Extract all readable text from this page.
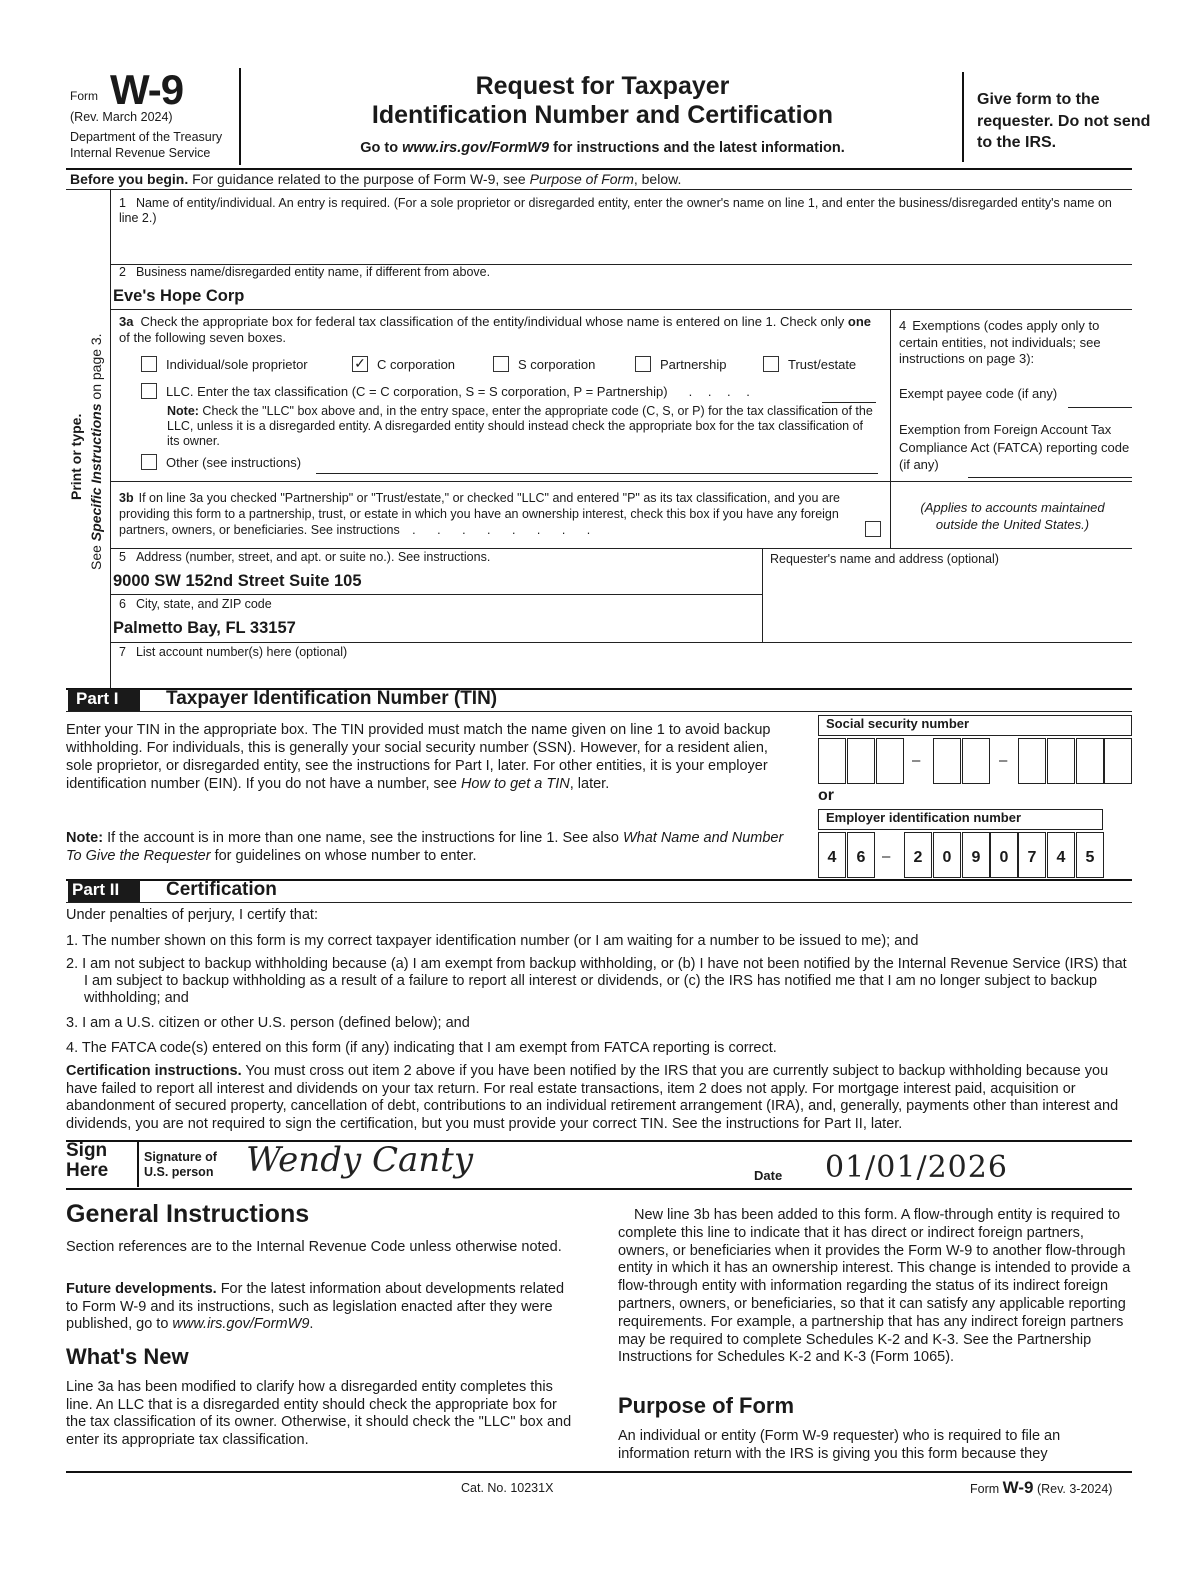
Form W-9
(Rev. March 2024)
Department of the Treasury
Internal Revenue Service
Request for Taxpayer
Identification Number and Certification
Go to www.irs.gov/FormW9 for instructions and the latest information.
Give form to the requester. Do not send to the IRS.
Before you begin. For guidance related to the purpose of Form W-9, see Purpose of Form, below.
Print or type.
See Specific Instructions on page 3.
1 Name of entity/individual. An entry is required. (For a sole proprietor or disregarded entity, enter the owner's name on line 1, and enter the business/disregarded entity's name on line 2.)
2 Business name/disregarded entity name, if different from above.
Eve's Hope Corp
3a Check the appropriate box for federal tax classification of the entity/individual whose name is entered on line 1. Check only one of the following seven boxes.
Individual/sole proprietor	✓ C corporation	S corporation	Partnership	Trust/estate
LLC. Enter the tax classification (C = C corporation, S = S corporation, P = Partnership) . . . .
Note: Check the "LLC" box above and, in the entry space, enter the appropriate code (C, S, or P) for the tax classification of the LLC, unless it is a disregarded entity. A disregarded entity should instead check the appropriate box for the tax classification of its owner.
Other (see instructions)
4 Exemptions (codes apply only to certain entities, not individuals; see instructions on page 3):
Exempt payee code (if any)
Exemption from Foreign Account Tax Compliance Act (FATCA) reporting code (if any)
(Applies to accounts maintained outside the United States.)
3b If on line 3a you checked "Partnership" or "Trust/estate," or checked "LLC" and entered "P" as its tax classification, and you are providing this form to a partnership, trust, or estate in which you have an ownership interest, check this box if you have any foreign partners, owners, or beneficiaries. See instructions . . . . . . . .
5 Address (number, street, and apt. or suite no.). See instructions.
9000 SW 152nd Street Suite 105
Requester's name and address (optional)
6 City, state, and ZIP code
Palmetto Bay, FL 33157
7 List account number(s) here (optional)
Part I Taxpayer Identification Number (TIN)
Enter your TIN in the appropriate box. The TIN provided must match the name given on line 1 to avoid backup withholding. For individuals, this is generally your social security number (SSN). However, for a resident alien, sole proprietor, or disregarded entity, see the instructions for Part I, later. For other entities, it is your employer identification number (EIN). If you do not have a number, see How to get a TIN, later.
Note: If the account is in more than one name, see the instructions for line 1. See also What Name and Number To Give the Requester for guidelines on whose number to enter.
Social security number
–	–
or
Employer identification number
4	6	–	2	0	9	0	7	4	5
Part II Certification
Under penalties of perjury, I certify that:
1. The number shown on this form is my correct taxpayer identification number (or I am waiting for a number to be issued to me); and
2. I am not subject to backup withholding because (a) I am exempt from backup withholding, or (b) I have not been notified by the Internal Revenue Service (IRS) that I am subject to backup withholding as a result of a failure to report all interest or dividends, or (c) the IRS has notified me that I am no longer subject to backup withholding; and
3. I am a U.S. citizen or other U.S. person (defined below); and
4. The FATCA code(s) entered on this form (if any) indicating that I am exempt from FATCA reporting is correct.
Certification instructions. You must cross out item 2 above if you have been notified by the IRS that you are currently subject to backup withholding because you have failed to report all interest and dividends on your tax return. For real estate transactions, item 2 does not apply. For mortgage interest paid, acquisition or abandonment of secured property, cancellation of debt, contributions to an individual retirement arrangement (IRA), and, generally, payments other than interest and dividends, you are not required to sign the certification, but you must provide your correct TIN. See the instructions for Part II, later.
Sign
Here
Signature of
U.S. person Wendy Canty	Date 01/01/2026
General Instructions
Section references are to the Internal Revenue Code unless otherwise noted.
Future developments. For the latest information about developments related to Form W-9 and its instructions, such as legislation enacted after they were published, go to www.irs.gov/FormW9.
What's New
Line 3a has been modified to clarify how a disregarded entity completes this line. An LLC that is a disregarded entity should check the appropriate box for the tax classification of its owner. Otherwise, it should check the "LLC" box and enter its appropriate tax classification.
New line 3b has been added to this form. A flow-through entity is required to complete this line to indicate that it has direct or indirect foreign partners, owners, or beneficiaries when it provides the Form W-9 to another flow-through entity in which it has an ownership interest. This change is intended to provide a flow-through entity with information regarding the status of its indirect foreign partners, owners, or beneficiaries, so that it can satisfy any applicable reporting requirements. For example, a partnership that has any indirect foreign partners may be required to complete Schedules K-2 and K-3. See the Partnership Instructions for Schedules K-2 and K-3 (Form 1065).
Purpose of Form
An individual or entity (Form W-9 requester) who is required to file an information return with the IRS is giving you this form because they
Cat. No. 10231X	Form W-9 (Rev. 3-2024)
